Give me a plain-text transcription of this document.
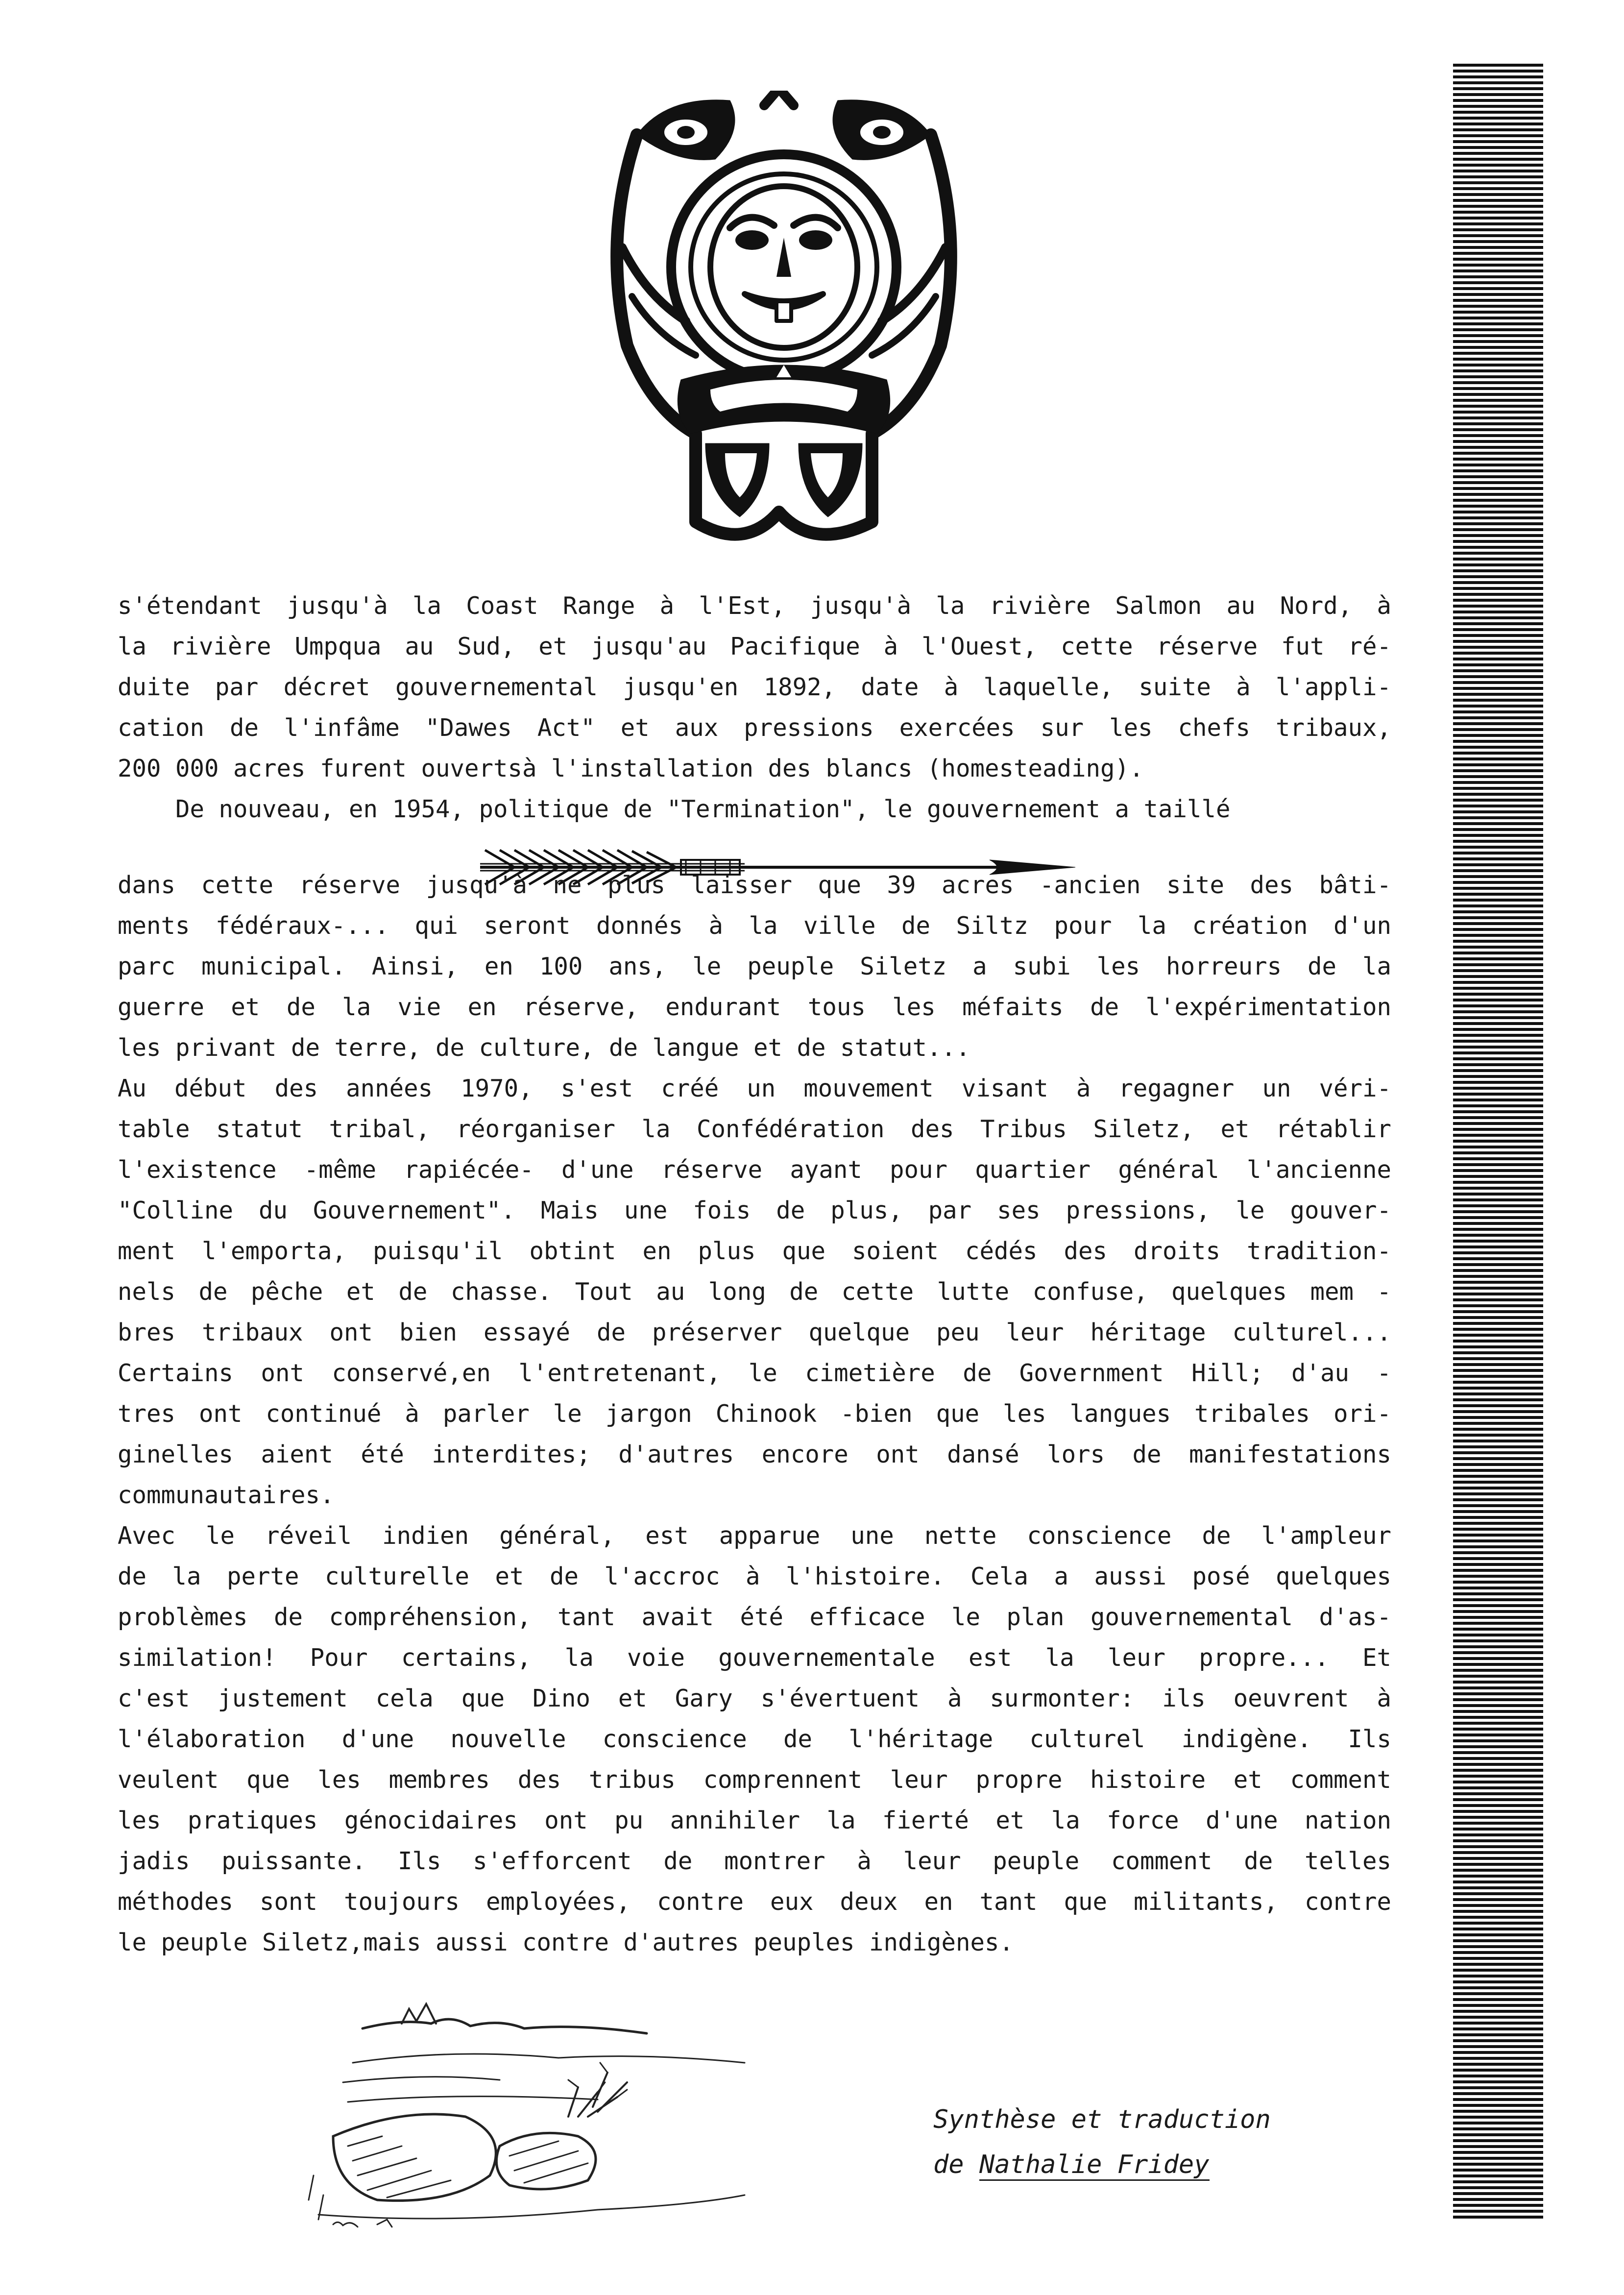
s'étendant jusqu'à la Coast Range à l'Est, jusqu'à la rivière Salmon au Nord, à
la rivière Umpqua au Sud, et jusqu'au Pacifique à l'Ouest, cette réserve fut ré-
duite par décret gouvernemental jusqu'en 1892, date à laquelle, suite à l'appli-
cation de l'infâme "Dawes Act" et aux pressions exercées sur les chefs tribaux,
200 000 acres furent ouvertsà l'installation des blancs (homesteading).
De nouveau, en 1954, politique de "Termination", le gouvernement a taillé
dans cette réserve jusqu'à ne plus laisser que 39 acres -ancien site des bâti-
ments fédéraux-... qui seront donnés à la ville de Siltz pour la création d'un
parc municipal. Ainsi, en 100 ans, le peuple Siletz a subi les horreurs de la
guerre et de la vie en réserve, endurant tous les méfaits de l'expérimentation
les privant de terre, de culture, de langue et de statut...
Au début des années 1970, s'est créé un mouvement visant à regagner un véri-
table statut tribal, réorganiser la Confédération des Tribus Siletz, et rétablir
l'existence -même rapiécée- d'une réserve ayant pour quartier général l'ancienne
"Colline du Gouvernement". Mais une fois de plus, par ses pressions, le gouver-
ment l'emporta, puisqu'il obtint en plus que soient cédés des droits tradition-
nels de pêche et de chasse. Tout au long de cette lutte confuse, quelques mem -
bres tribaux ont bien essayé de préserver quelque peu leur héritage culturel...
Certains ont conservé,en l'entretenant, le cimetière de Government Hill; d'au -
tres ont continué à parler le jargon Chinook -bien que les langues tribales ori-
ginelles aient été interdites; d'autres encore ont dansé lors de manifestations
communautaires.
Avec le réveil indien général, est apparue une nette conscience de l'ampleur
de la perte culturelle et de l'accroc à l'histoire. Cela a aussi posé quelques
problèmes de compréhension, tant avait été efficace le plan gouvernemental d'as-
similation! Pour certains, la voie gouvernementale est la leur propre... Et
c'est justement cela que Dino et Gary s'évertuent à surmonter: ils oeuvrent à
l'élaboration d'une nouvelle conscience de l'héritage culturel indigène. Ils
veulent que les membres des tribus comprennent leur propre histoire et comment
les pratiques génocidaires ont pu annihiler la fierté et la force d'une nation
jadis puissante. Ils s'efforcent de montrer à leur peuple comment de telles
méthodes sont toujours employées, contre eux deux en tant que militants, contre
le peuple Siletz,mais aussi contre d'autres peuples indigènes.
Synthèse et traduction
de Nathalie Fridey
